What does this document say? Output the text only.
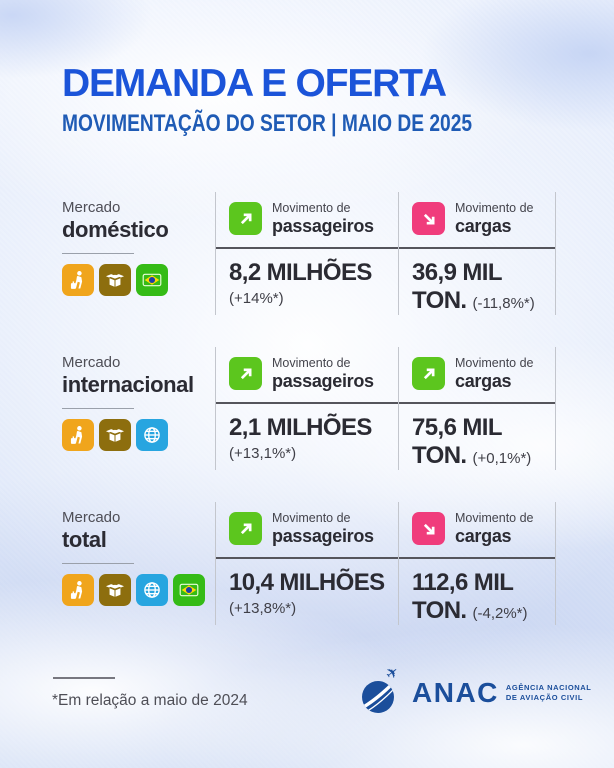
DEMANDA E OFERTA
MOVIMENTAÇÃO DO SETOR | MAIO DE 2025
Mercado
doméstico
Movimento de
passageiros
8,2 MILHÕES
(+14%*)
Movimento de
cargas
36,9 MIL
TON. (-11,8%*)
Mercado
internacional
Movimento de
passageiros
2,1 MILHÕES
(+13,1%*)
Movimento de
cargas
75,6 MIL
TON. (+0,1%*)
Mercado
total
Movimento de
passageiros
10,4 MILHÕES
(+13,8%*)
Movimento de
cargas
112,6 MIL
TON. (-4,2%*)
*Em relação a maio de 2024
✈
ANAC AGÊNCIA NACIONAL
DE AVIAÇÃO CIVIL
